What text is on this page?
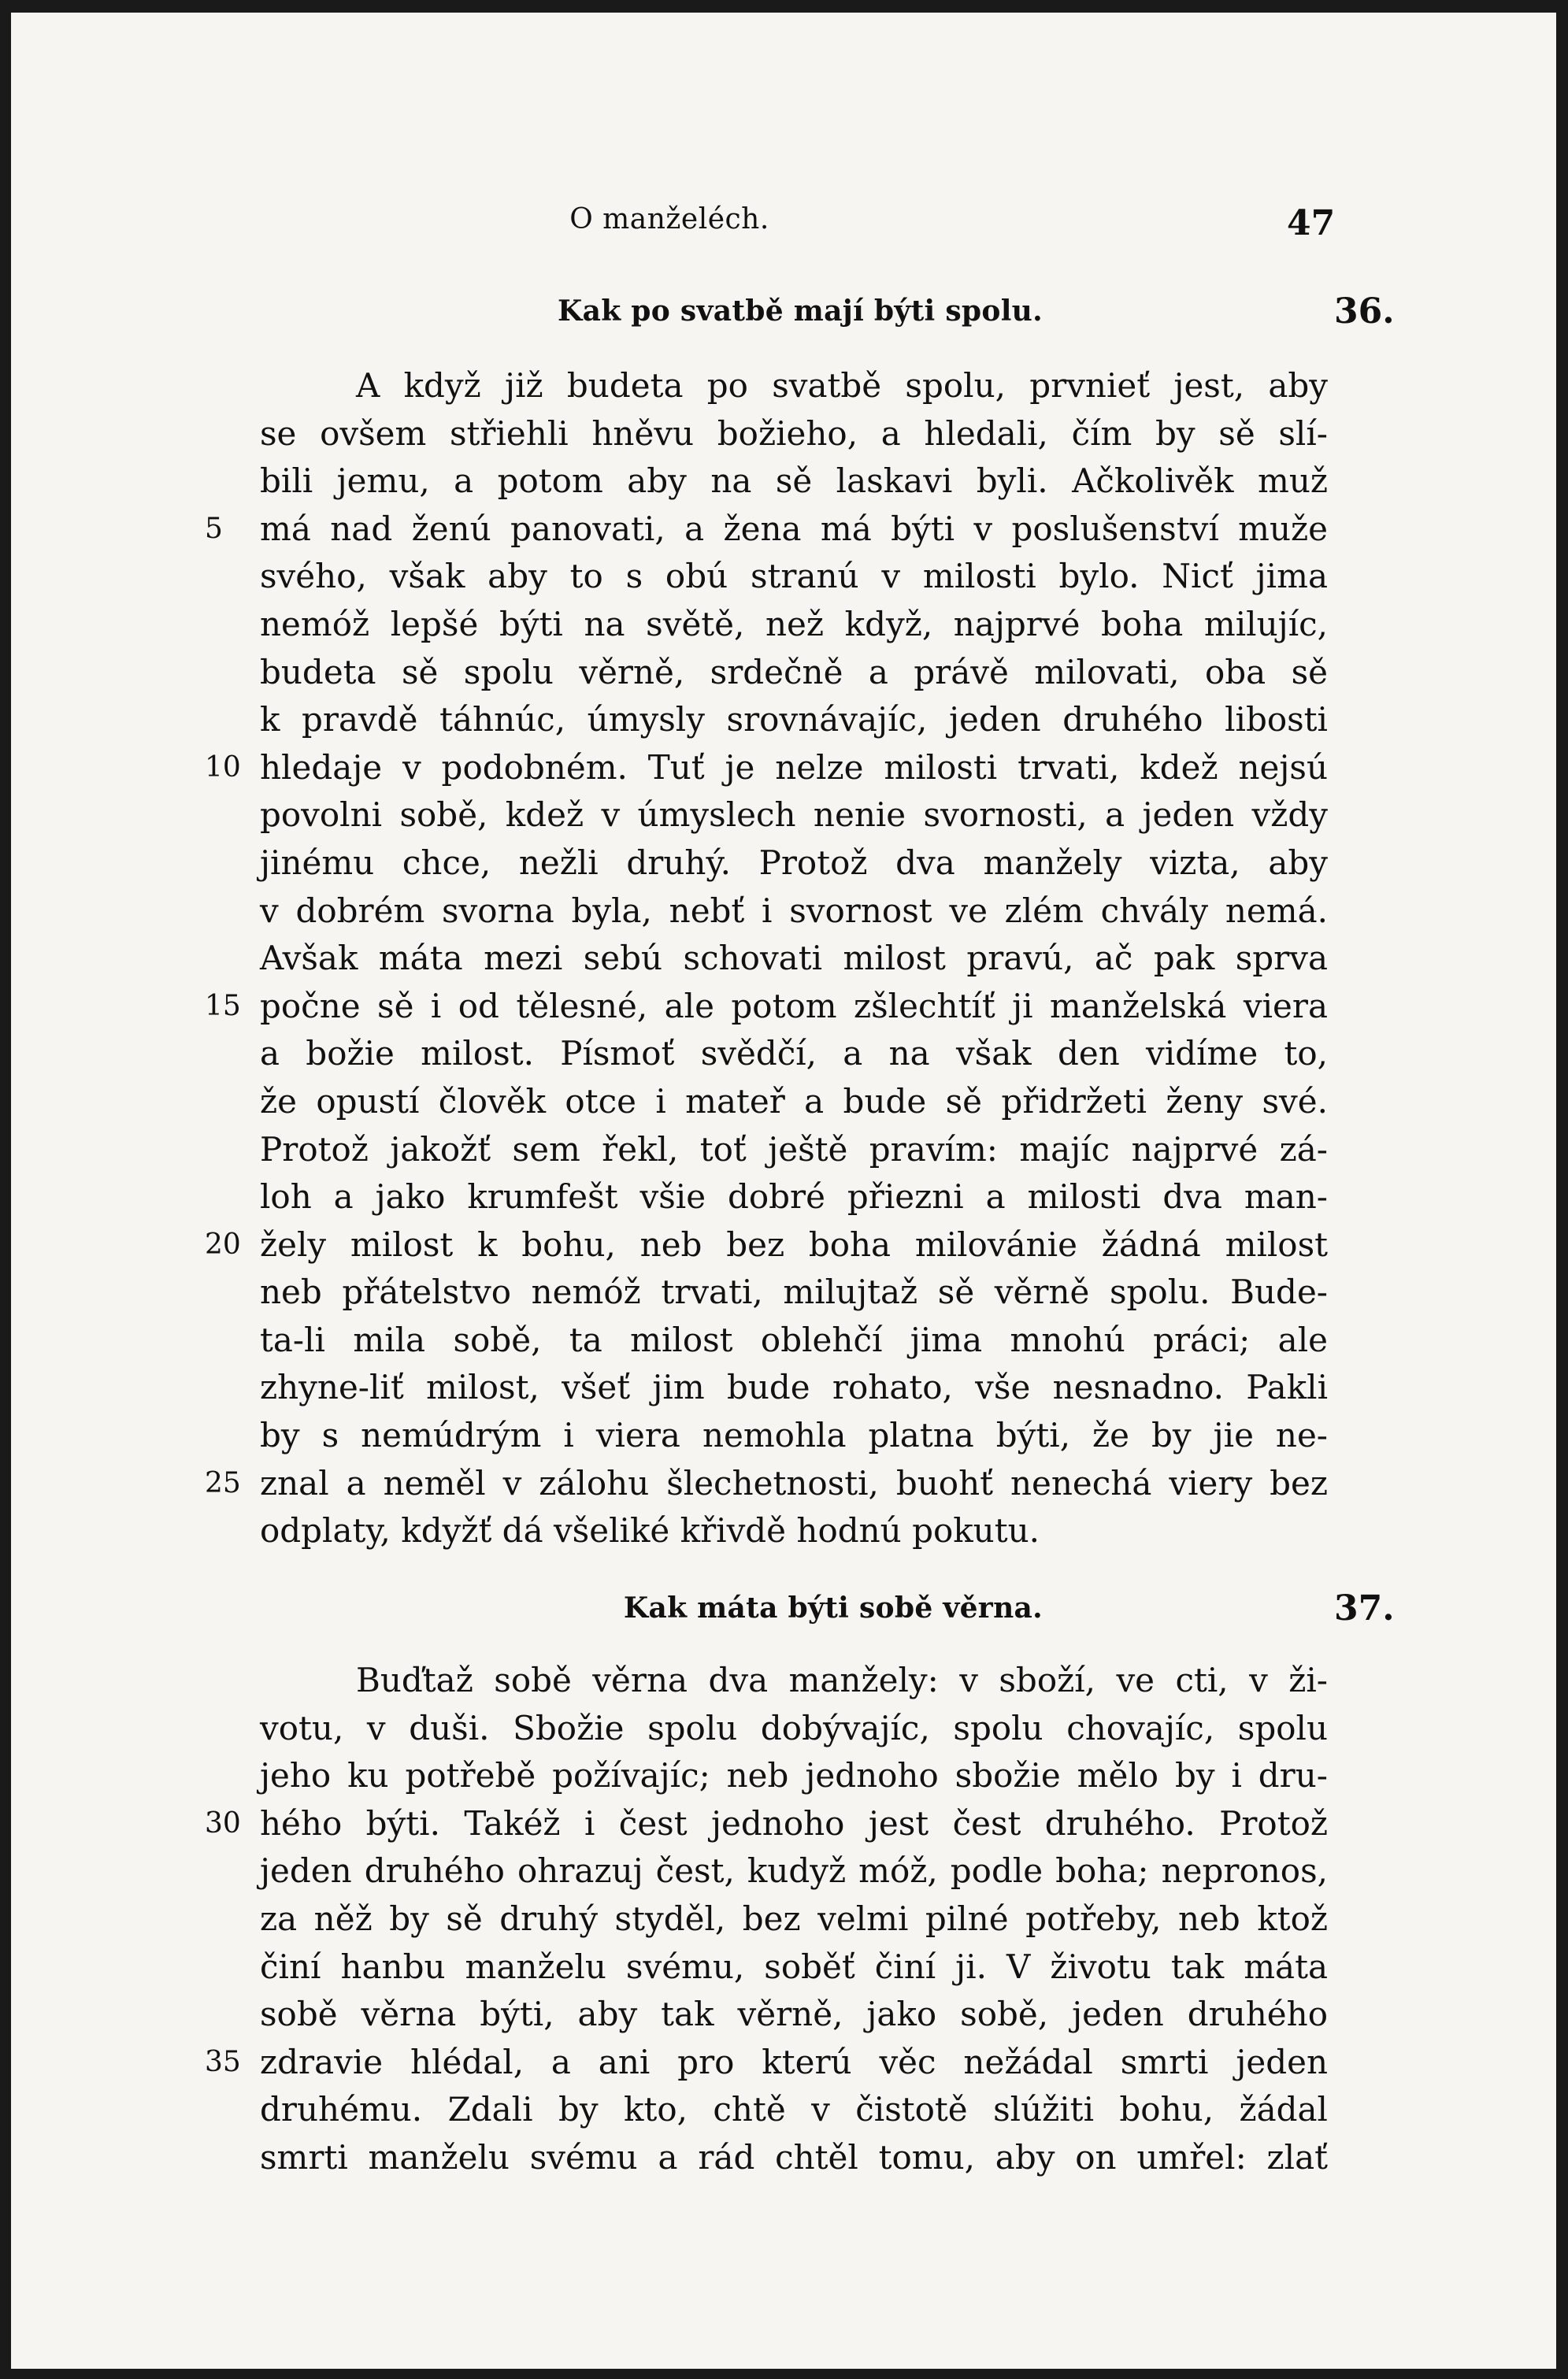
O manželéch.	47
Kak po svatbě mají býti spolu.	36.
A když již budeta po svatbě spolu, prvnieť jest, aby
se ovšem střiehli hněvu božieho, a hledali, čím by sě slí-
bili jemu, a potom aby na sě laskavi byli. Ačkolivěk muž
má nad ženú panovati, a žena má býti v poslušenství muže
svého, však aby to s obú stranú v milosti bylo. Nicť jima
nemóž lepšé býti na světě, než když, najprvé boha milujíc,
budeta sě spolu věrně, srdečně a právě milovati, oba sě
k pravdě táhnúc, úmysly srovnávajíc, jeden druhého libosti
hledaje v podobném. Tuť je nelze milosti trvati, kdež nejsú
povolni sobě, kdež v úmyslech nenie svornosti, a jeden vždy
jinému chce, nežli druhý. Protož dva manžely vizta, aby
v dobrém svorna byla, nebť i svornost ve zlém chvály nemá.
Avšak máta mezi sebú schovati milost pravú, ač pak sprva
počne sě i od tělesné, ale potom zšlechtíť ji manželská viera
a božie milost. Písmoť svědčí, a na však den vidíme to,
že opustí člověk otce i mateř a bude sě přidržeti ženy své.
Protož jakožť sem řekl, toť ještě pravím: majíc najprvé zá-
loh a jako krumfešt všie dobré přiezni a milosti dva man-
žely milost k bohu, neb bez boha milovánie žádná milost
neb přátelstvo nemóž trvati, milujtaž sě věrně spolu. Bude-
ta-li mila sobě, ta milost oblehčí jima mnohú práci; ale
zhyne-liť milost, všeť jim bude rohato, vše nesnadno. Pakli
by s nemúdrým i viera nemohla platna býti, že by jie ne-
znal a neměl v zálohu šlechetnosti, buohť nenechá viery bez
odplaty, kdyžť dá všeliké křivdě hodnú pokutu.
Kak máta býti sobě věrna.	37.
Buďtaž sobě věrna dva manžely: v sboží, ve cti, v ži-
votu, v duši. Sbožie spolu dobývajíc, spolu chovajíc, spolu
jeho ku potřebě požívajíc; neb jednoho sbožie mělo by i dru-
hého býti. Takéž i čest jednoho jest čest druhého. Protož
jeden druhého ohrazuj čest, kudyž móž, podle boha; nepronos,
za něž by sě druhý styděl, bez velmi pilné potřeby, neb ktož
činí hanbu manželu svému, soběť činí ji. V životu tak máta
sobě věrna býti, aby tak věrně, jako sobě, jeden druhého
zdravie hlédal, a ani pro kterú věc nežádal smrti jeden
druhému. Zdali by kto, chtě v čistotě slúžiti bohu, žádal
smrti manželu svému a rád chtěl tomu, aby on umřel: zlať
5
10
15
20
25
30
35
